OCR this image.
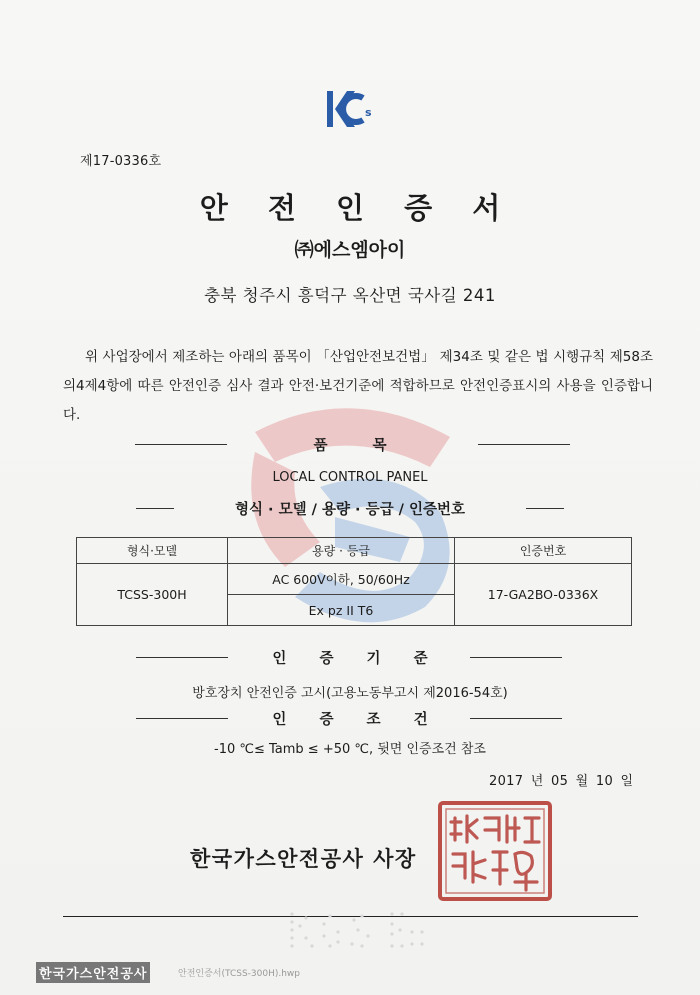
s
제17-0336호
안 전 인 증 서
㈜에스엠아이
충북 청주시 흥덕구 옥산면 국사길 241
위 사업장에서 제조하는 아래의 품목이 「산업안전보건법」 제34조 및 같은 법 시행규칙 제58조의4제4항에 따른 안전인증 심사 결과 안전·보건기준에 적합하므로 안전인증표시의 사용을 인증합니다.
품 목
LOCAL CONTROL PANEL
형식 · 모델 / 용량 · 등급 / 인증번호
형식·모델	용량 · 등급	인증번호
TCSS-300H	AC 600V이하, 50/60Hz	17-GA2BO-0336X
	Ex pz II T6	
인 증 기 준
방호장치 안전인증 고시(고용노동부고시 제2016-54호)
인 증 조 건
-10 ℃≤ Tamb ≤ +50 ℃, 뒷면 인증조건 참조
2017 년 05 월 10 일
한국가스안전공사 사장
한국가스안전공사	안전인증서(TCSS-300H).hwp
